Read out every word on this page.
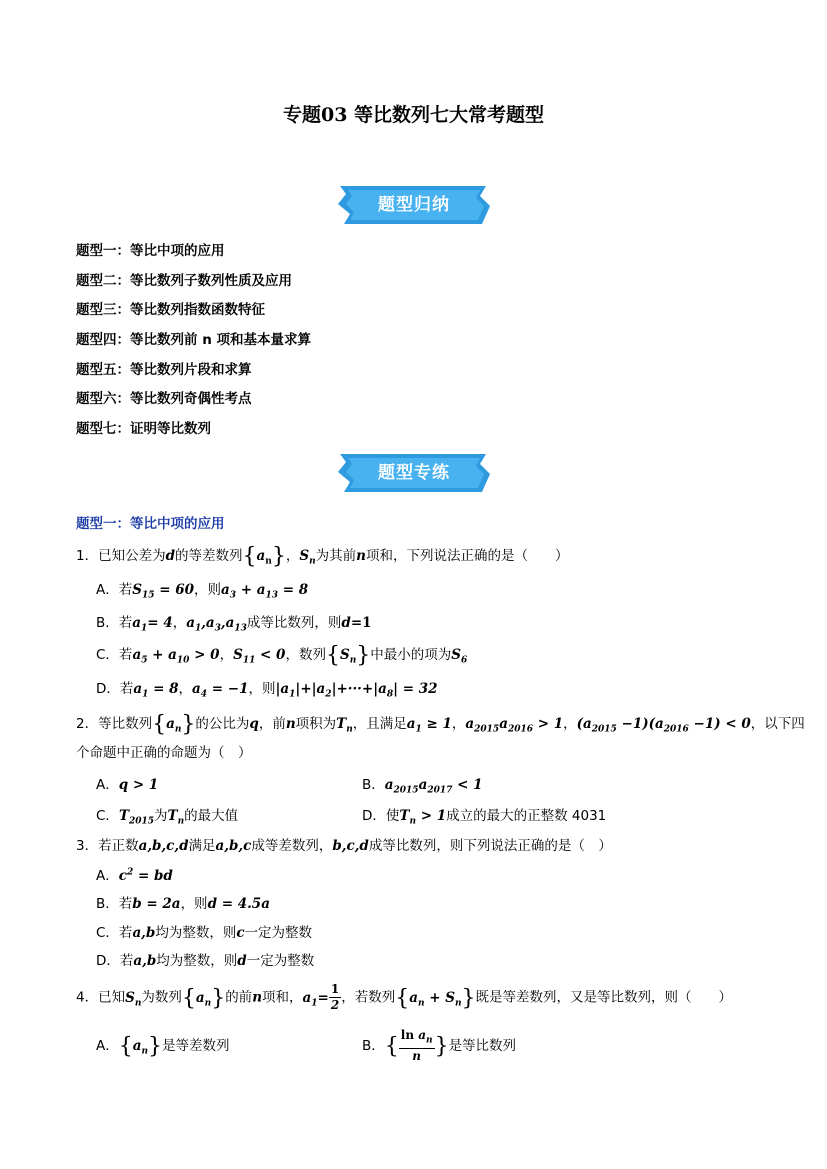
专题03 等比数列七大常考题型
题型归纳
题型一：等比中项的应用
题型二：等比数列子数列性质及应用
题型三：等比数列指数函数特征
题型四：等比数列前 n 项和基本量求算
题型五：等比数列片段和求算
题型六：等比数列奇偶性考点
题型七：证明等比数列
题型专练
题型一：等比中项的应用
1．已知公差为d的等差数列$\{a_n\}$，$S_n$为其前n项和，下列说法正确的是（　　）
A．若$S_{15} = 60$，则$a_3 + a_{13} = 8$
B．若$a_1= 4$，$a_1,a_3,a_{13}$成等比数列，则d=1
C．若$a_5 + a_{10} > 0$，$S_{11} < 0$，数列$\{S_n\}$中最小的项为$S_6$
D．若$a_1 = 8$，$a_4 = -1$，则$|a_1|+|a_2|+\cdot\cdot\cdot+|a_8| = 32$
2．等比数列$\{a_n\}$的公比为q，前n项积为$T_n$，且满足$a_1 \ge 1$，$a_{2015}a_{2016} > 1$，$(a_{2015} -1)(a_{2016} -1) < 0$，以下四
个命题中正确的命题为（　）
A．q > 1	B．$a_{2015}a_{2017} < 1$
C．$T_{2015}$为$T_n$的最大值	D．使$T_n > 1$成立的最大的正整数 4031
3．若正数a,b,c,d满足a,b,c成等差数列，b,c,d成等比数列，则下列说法正确的是（　）
A．$c^2$ = bd
B．若b = 2a，则d = 4.5a
C．若a,b均为整数，则c一定为整数
D．若a,b均为整数，则d一定为整数
4．已知$S_n$为数列$\{a_n\}$的前n项和，$a_1= \frac{1}{2}$ ，若数列$\{a_n + S_n\}$既是等差数列，又是等比数列，则（　　）
A．$\{a_n\}$是等差数列	B．{ $\frac{\ln a_n}{n}$ }是等比数列
